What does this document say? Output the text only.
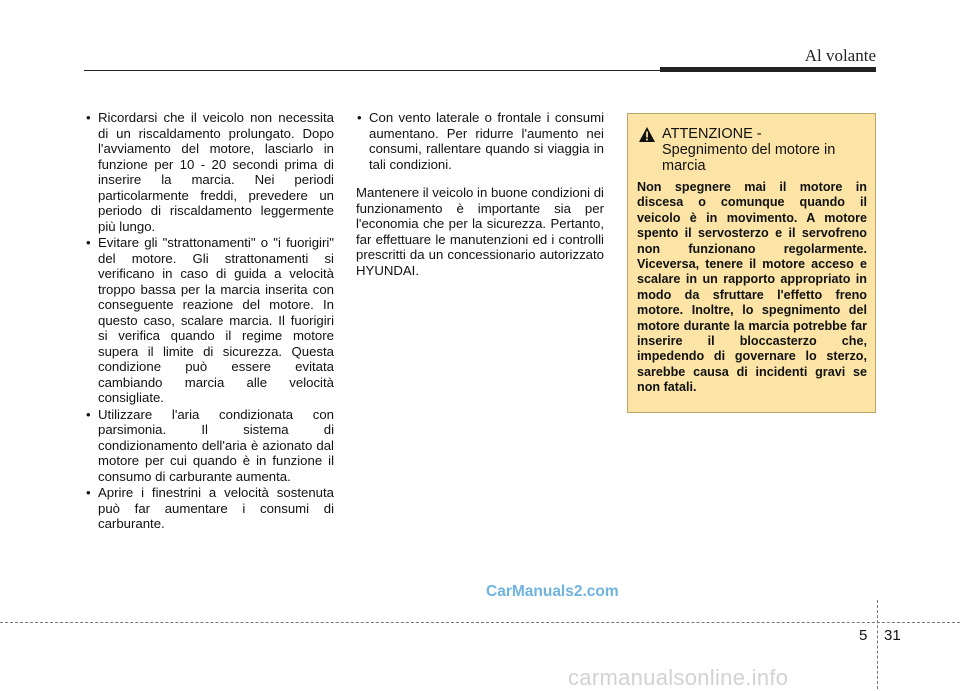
Al volante
• Ricordarsi che il veicolo non necessita di un riscaldamento prolungato. Dopo l'avviamento del motore, lasciarlo in funzione per 10 - 20 secondi prima di inserire la marcia. Nei periodi particolarmente freddi, prevedere un periodo di riscaldamento leggermente più lungo.
• Evitare gli "strattonamenti" o "i fuorigiri" del motore. Gli strattonamenti si verificano in caso di guida a velocità troppo bassa per la marcia inserita con conseguente reazione del motore. In questo caso, scalare marcia. Il fuorigiri si verifica quando il regime motore supera il limite di sicurezza. Questa condizione può essere evitata cambiando marcia alle velocità consigliate.
• Utilizzare l'aria condizionata con parsimonia. Il sistema di condizionamento dell'aria è azionato dal motore per cui quando è in funzione il consumo di carburante aumenta.
• Aprire i finestrini a velocità sostenuta può far aumentare i consumi di carburante.
• Con vento laterale o frontale i consumi aumentano. Per ridurre l'aumento nei consumi, rallentare quando si viaggia in tali condizioni.

Mantenere il veicolo in buone condizioni di funzionamento è importante sia per l'economia che per la sicurezza. Pertanto, far effettuare le manutenzioni ed i controlli prescritti da un concessionario autorizzato HYUNDAI.

ATTENZIONE -
Spegnimento del motore in marcia
Non spegnere mai il motore in discesa o comunque quando il veicolo è in movimento. A motore spento il servosterzo e il servofreno non funzionano regolarmente. Viceversa, tenere il motore acceso e scalare in un rapporto appropriato in modo da sfruttare l'effetto freno motore. Inoltre, lo spegnimento del motore durante la marcia potrebbe far inserire il bloccasterzo che, impedendo di governare lo sterzo, sarebbe causa di incidenti gravi se non fatali.
CarManuals2.com
5 31
carmanualsonline.info
